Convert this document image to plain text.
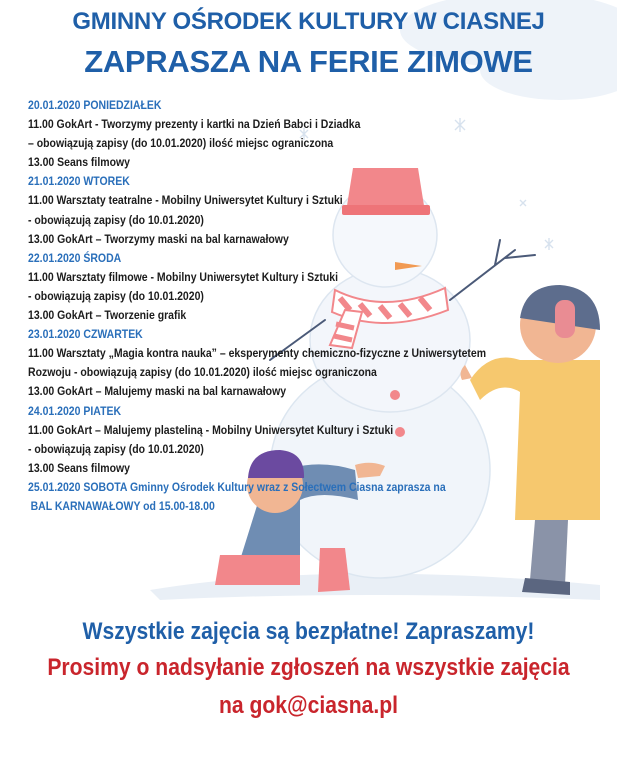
GMINNY OŚRODEK KULTURY W CIASNEJ
ZAPRASZA NA FERIE ZIMOWE
20.01.2020 PONIEDZIAŁEK
11.00 GokArt - Tworzymy prezenty i kartki na Dzień Babci i Dziadka
– obowiązują zapisy (do 10.01.2020) ilość miejsc ograniczona
13.00 Seans filmowy
21.01.2020 WTOREK
11.00 Warsztaty teatralne - Mobilny Uniwersytet Kultury i Sztuki
- obowiązują zapisy (do 10.01.2020)
13.00 GokArt – Tworzymy maski na bal karnawałowy
22.01.2020 ŚRODA
11.00 Warsztaty filmowe - Mobilny Uniwersytet Kultury i Sztuki
- obowiązują zapisy (do 10.01.2020)
13.00 GokArt – Tworzenie grafik
23.01.2020 CZWARTEK
11.00 Warsztaty „Magia kontra nauka” – eksperymenty chemiczno-fizyczne z Uniwersytetem
Rozwoju - obowiązują zapisy (do 10.01.2020) ilość miejsc ograniczona
13.00 GokArt – Malujemy maski na bal karnawałowy
24.01.2020 PIATEK
11.00 GokArt – Malujemy plasteliną - Mobilny Uniwersytet Kultury i Sztuki
- obowiązują zapisy (do 10.01.2020)
13.00 Seans filmowy
25.01.2020 SOBOTA Gminny Ośrodek Kultury wraz z Sołectwem Ciasna zaprasza na
BAL KARNAWAŁOWY od 15.00-18.00
Wszystkie zajęcia są bezpłatne! Zapraszamy!
Prosimy o nadsyłanie zgłoszeń na wszystkie zajęcia
na gok@ciasna.pl
